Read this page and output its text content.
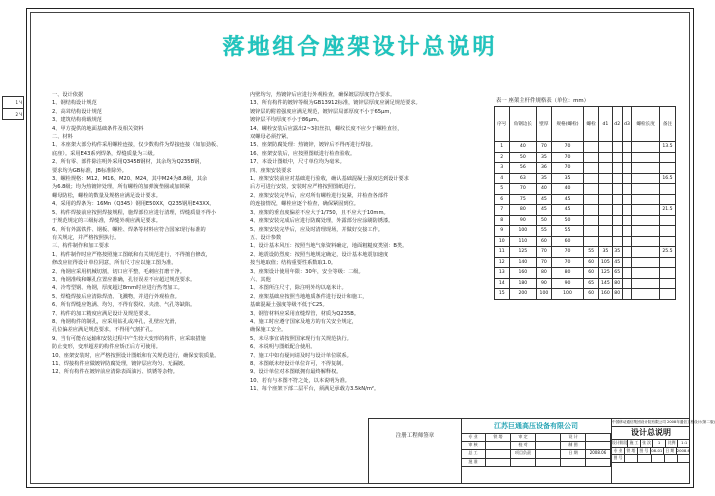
1 Ч
2 Ч
落地组合座架设计总说明
一、设计依据
1、钢结构设计规范
2、高耸结构设计规范
3、建筑结构荷载规范
4、甲方提供的地面基础条件及相关资料
二、材料
1、本座架大部分构件采用螺栓连接，仅少数构件为焊接连接（如加劲板、
底座）。采用E43系列焊条，焊缝质量为三级。
2、所有零、部件除注明外采用Q345B钢材，其余均为Q235B钢，
要求均为GB标准，JB标准除外。
3、螺栓规格：M12、M16、M20、M24，其中M24为8.8级，其余
为6.8级；均为热镀锌处理，所有螺栓的加弹簧垫圈或加锁紧
螺母防松，螺栓的数量及规格应满足设计要求。
4、采用的焊条为：16Mn（Q345）钢用E50XX，Q235钢用E43XX。
5、构件焊接前应按照焊接规程，施焊部位应进行清理，焊缝质量不得小
于规范规定的三级标准，焊缝外观应满足要求。
6、所有外露铁件、钢板、螺栓、焊条等材料应符合国家现行标准的
有关规定，并严格按照执行。
三、构件制作和加工要求
1、构件制作时应严格按照施工图纸和有关规范进行，不得擅自修改，
修改应征得设计单位同意，所有尺寸应以施工图为准。
2、角钢应采用机械切割，切口应平整，毛刺应打磨干净。
3、角钢准线和螺孔位置应准确，孔径误差不应超过规范要求。
4、冷弯型钢、角钢，厚度超过8mm时应进行热弯加工。
5、焊缝焊接后应清除焊渣、飞溅物，并进行外观检查。
6、所有焊缝应饱满、均匀，不得有裂纹、夹渣、气孔等缺陷。
7、构件的加工精度应满足设计及规范要求。
8、角钢构件的制孔，应采用钻孔或冲孔，孔壁应光滑，
孔位偏差应满足规范要求，不得用气割扩孔。
9、当有可能在运输和安装过程中产生较大变形的构件，应采取措施
防止变形，变形超差的构件应矫正后方可使用。
10、座架安装时，应严格按照设计图纸和有关规范进行，确保安装质量。
11、焊接构件应做镀锌防腐处理，镀锌层应均匀、无漏镀。
12、所有构件在镀锌前应清除表面油污、铁锈等杂物。
内壁均匀，热镀锌后应进行外观检查，确保镀层厚度符合要求。
13、所有构件的镀锌等级为GB13912标准，镀锌层厚度应满足规范要求。
镀锌层的附着强度应满足规范，镀锌层局部厚度不小于65μm，
镀锌层平均厚度不小于86μm。
14、螺栓安装后应露出2~3扣丝扣，螺纹长度不应少于螺栓直径，
双螺母必须拧紧。
15、座架防腐处理：热镀锌，镀锌后不得再进行焊接。
16、座架安装后，应按照图纸进行检查验收。
17、本设计图纸中，尺寸单位均为毫米。
四、座架安装要求
1、座架安装前应对基础进行验收，确认基础混凝土强度达到设计要求
后方可进行安装，安装时应严格按照图纸进行。
2、座架安装完毕后，应对所有螺栓进行复紧，并检查各部件
的连接情况，螺栓应逐个检查，确保紧固到位。
3、座架的垂直度偏差不应大于1/750，且不应大于10mm。
4、座架安装完成后应进行防腐处理，外露部分应涂刷防锈漆。
5、座架安装完毕后，应及时清理现场，并做好交接工作。
五、设计参数
1、设计基本风压：按照当地气象资料确定，地面粗糙度类别：B类。
2、地震设防烈度：按照当地规定确定，设计基本地震加速度
按当地取值；结构重要性系数取1.0。
3、座架设计使用年限：30年，安全等级：二级。
六、其他
1、本图所注尺寸，除注明外均以毫米计。
2、座架基础应按照当地地质条件进行设计和施工，
基础混凝土强度等级不低于C25。
3、钢管材料应采用直缝焊管，材质为Q235B。
4、施工时应遵守国家及地方的有关安全规定，
确保施工安全。
5、未尽事宜请按照国家现行有关规范执行。
6、本说明与图纸配合使用。
7、施工中如有疑问请及时与设计单位联系。
8、本图纸未经设计单位许可，不得复制。
9、设计单位对本图纸拥有最终解释权。
10、若有与本图不符之处，以本说明为准。
11、每个座架下部二层平台，须满足承载力3.5kN/m²。
表一 座架主杆件规格表（单位：mm）
序号	角钢边长	壁厚	规格(螺栓)	螺栓	d1	d2	d3	螺栓长度	备注
1	40	70	70						13.5
2	50	35	70						
3	56	36	70						
4	63	35	35						16.5
5	70	40	40						
6	75	45	45						
7	80	45	45						21.5
8	90	50	50						
9	100	55	55						
10	110	60	60						
11	125	70	70	55	35	35			25.5
12	140	70	70	60	105	45			
13	160	80	80	60	125	65			
14	180	90	90	65	145	80			
15	200	100	100	60	160	80			
注册工程师签章
江苏巨通高压设备有限公司
专 业	铁 塔	审 定	设 计
审 核	校 对	制 图
总 工	项目负责	日 期	2008.06
批 准
中国移动通信集团设计院有限公司 2008年通信工程设计(第二版)
设计总说明
设计阶段 施 工 张 次	1	比例	1:1
专 业	铁 塔	图 号 08-01 日 期 2008.6
图 号
